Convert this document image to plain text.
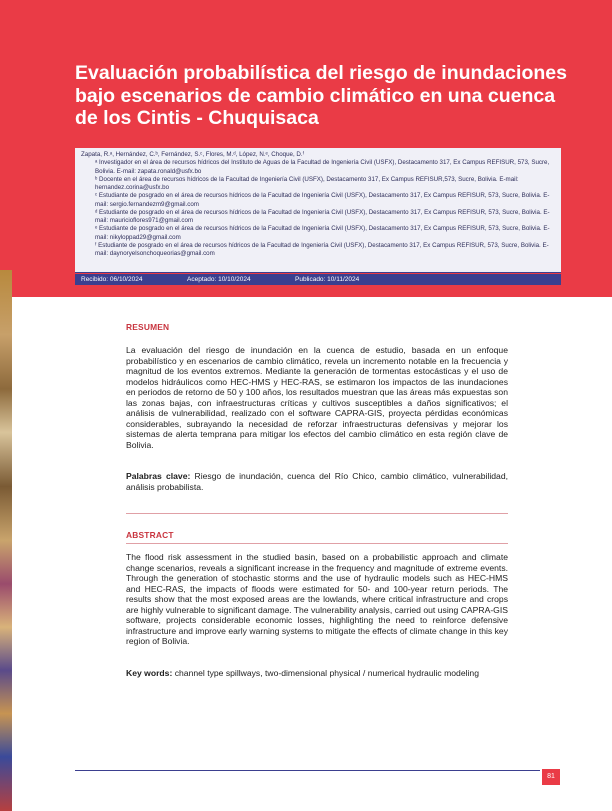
Evaluación probabilística del riesgo de inundaciones bajo escenarios de cambio climático en una cuenca de los Cintis - Chuquisaca

Zapata, R.ᵃ, Hernández, C.ᵇ, Fernández, S.ᶜ, Flores, M.ᵈ, López, N.ᵉ, Choque, D.ᶠ

ᵃ Investigador en el área de recursos hídricos del Instituto de Aguas de la Facultad de Ingeniería Civil (USFX), Destacamento 317, Ex Campus REFISUR, 573, Sucre, Bolivia. E-mail: zapata.ronald@usfx.bo

ᵇ Docente en el área de recursos hídricos de la Facultad de Ingeniería Civil (USFX), Destacamento 317, Ex Campus REFISUR,573, Sucre, Bolivia. E-mail: hernandez.corina@usfx.bo

ᶜ Estudiante de posgrado en el área de recursos hídricos de la Facultad de Ingeniería Civil (USFX), Destacamento 317, Ex Campus REFISUR, 573, Sucre, Bolivia. E-mail: sergio.fernandezm9@gmail.com

ᵈ Estudiante de posgrado en el área de recursos hídricos de la Facultad de Ingeniería Civil (USFX), Destacamento 317, Ex Campus REFISUR, 573, Sucre, Bolivia. E-mail: mauricioflores971@gmail.com

ᵉ Estudiante de posgrado en el área de recursos hídricos de la Facultad de Ingeniería Civil (USFX), Destacamento 317, Ex Campus REFISUR, 573, Sucre, Bolivia. E-mail: nikyloppad29@gmail.com

ᶠ Estudiante de posgrado en el área de recursos hídricos de la Facultad de Ingeniería Civil (USFX), Destacamento 317, Ex Campus REFISUR, 573, Sucre, Bolivia. E-mail: daynoryelsonchoqueorias@gmail.com

Recibido: 06/10/2024	Aceptado: 10/10/2024	Publicado: 10/11/2024
RESUMEN

La evaluación del riesgo de inundación en la cuenca de estudio, basada en un enfoque probabilístico y en escenarios de cambio climático, revela un incremento notable en la frecuencia y magnitud de los eventos extremos. Mediante la generación de tormentas estocásticas y el uso de modelos hidráulicos como HEC-HMS y HEC-RAS, se estimaron los impactos de las inundaciones en periodos de retorno de 50 y 100 años, los resultados muestran que las áreas más expuestas son las zonas bajas, con infraestructuras críticas y cultivos susceptibles a daños significativos; el análisis de vulnerabilidad, realizado con el software CAPRA-GIS, proyecta pérdidas económicas considerables, subrayando la necesidad de reforzar infraestructuras defensivas y mejorar los sistemas de alerta temprana para mitigar los efectos del cambio climático en esta región clave de Bolivia.

Palabras clave: Riesgo de inundación, cuenca del Río Chico, cambio climático, vulnerabilidad, análisis probabilista.

ABSTRACT

The flood risk assessment in the studied basin, based on a probabilistic approach and climate change scenarios, reveals a significant increase in the frequency and magnitude of extreme events. Through the generation of stochastic storms and the use of hydraulic models such as HEC-HMS and HEC-RAS, the impacts of floods were estimated for 50- and 100-year return periods. The results show that the most exposed areas are the lowlands, where critical infrastructure and crops are highly vulnerable to significant damage. The vulnerability analysis, carried out using CAPRA-GIS software, projects considerable economic losses, highlighting the need to reinforce defensive infrastructure and improve early warning systems to mitigate the effects of climate change in this key region of Bolivia.

Key words: channel type spillways, two-dimensional physical / numerical hydraulic modeling

81
